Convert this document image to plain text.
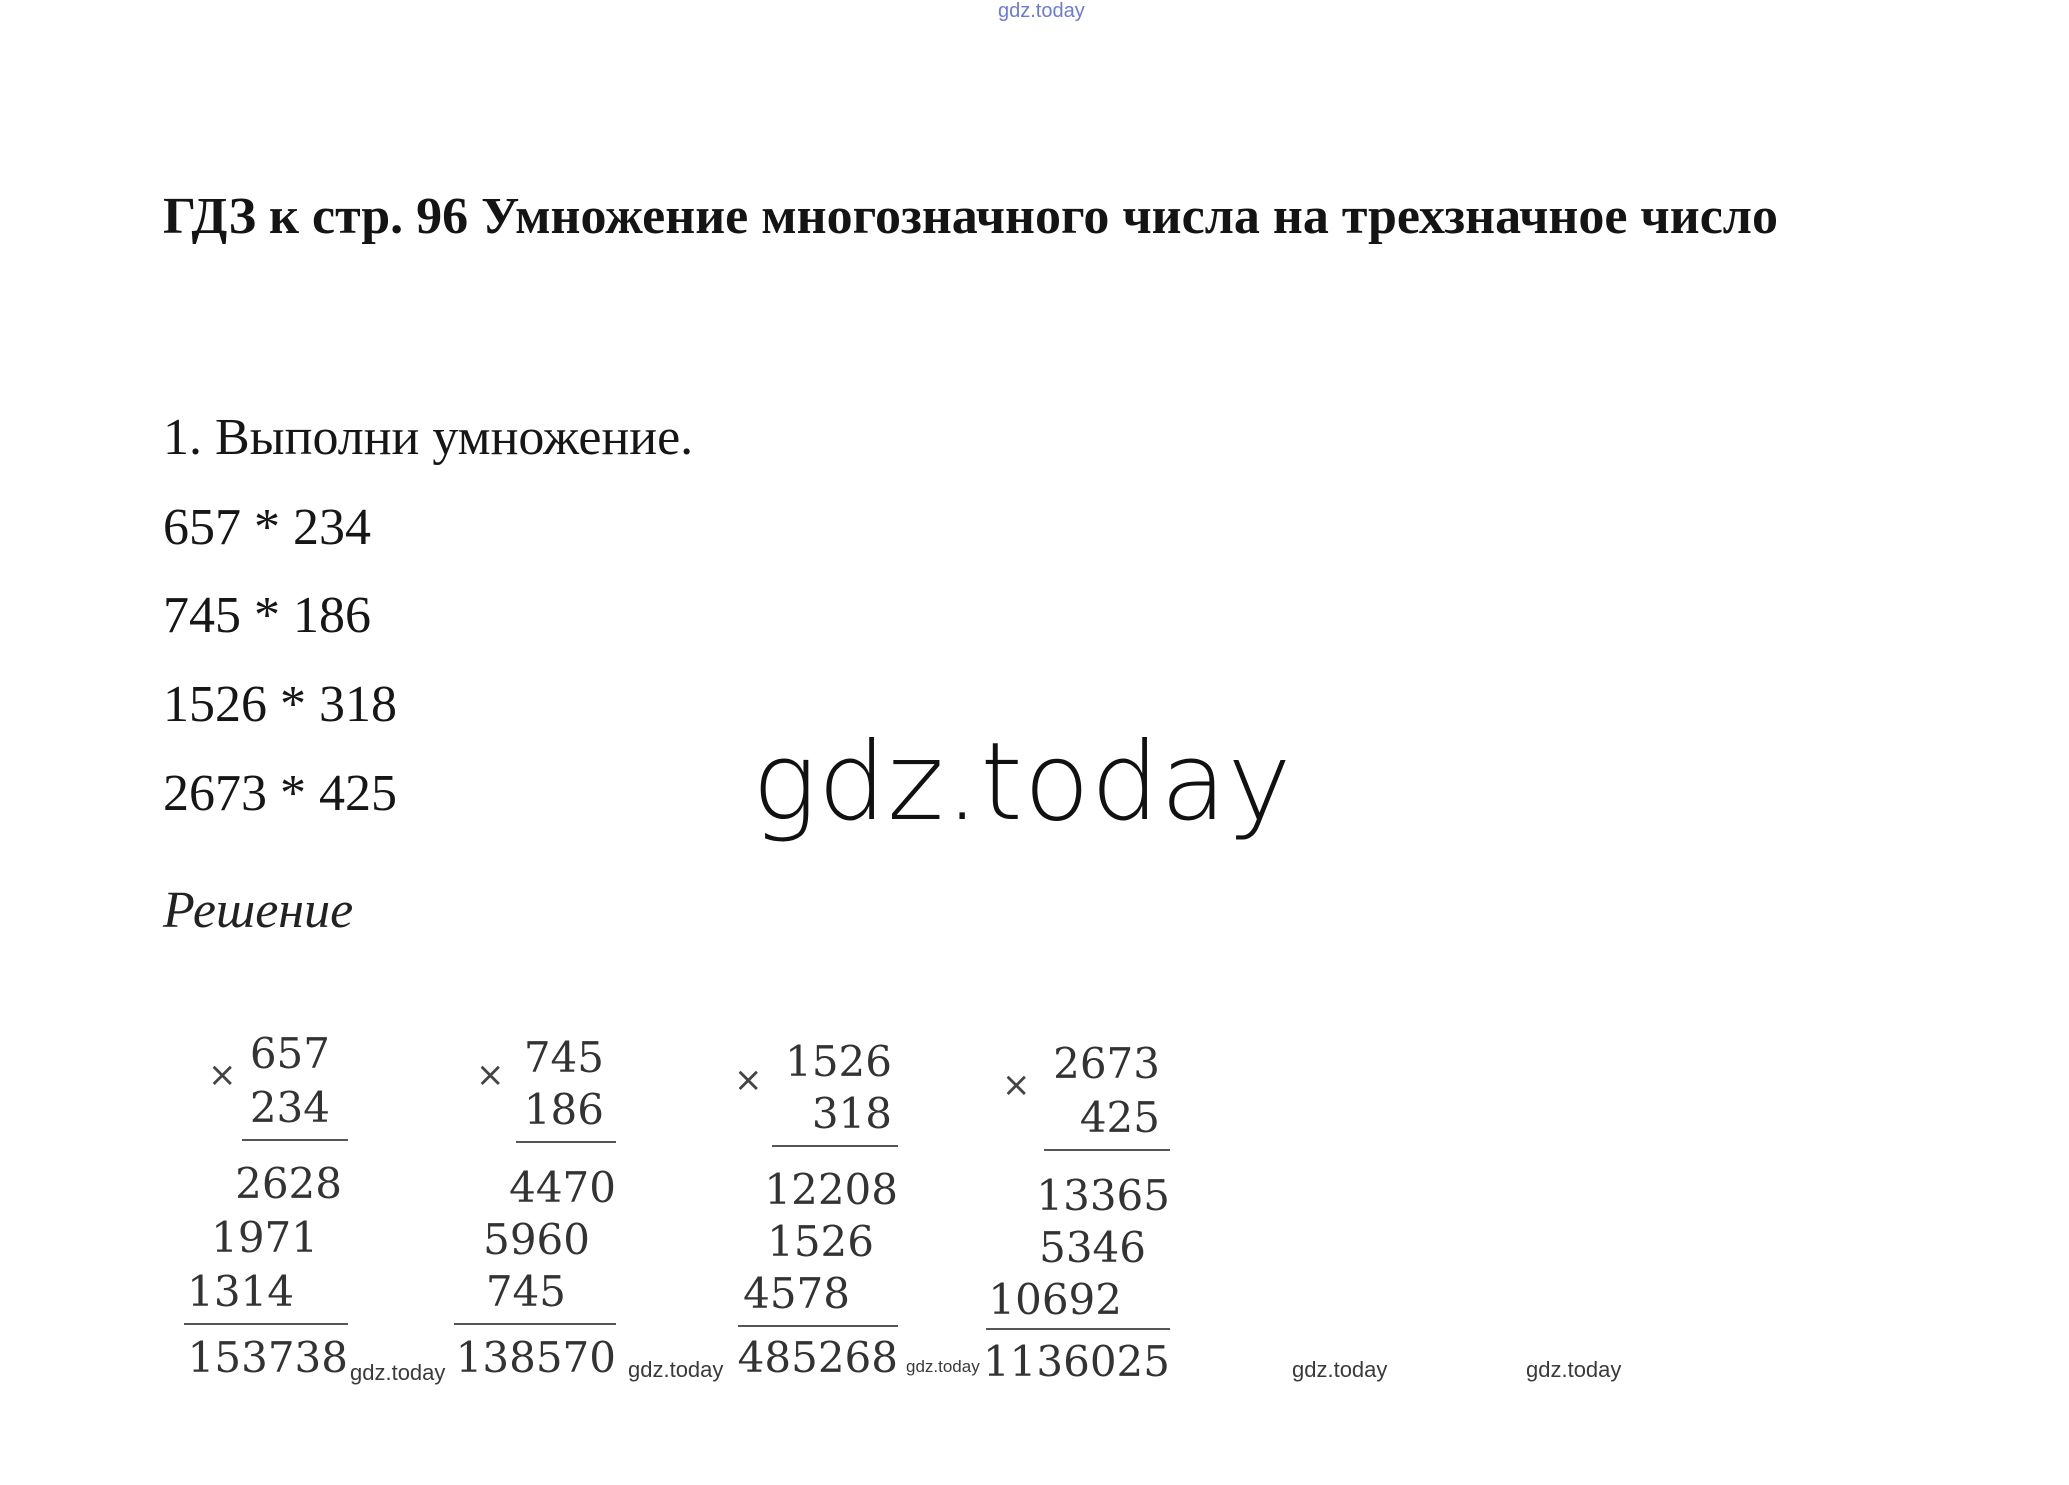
gdz.today
ГДЗ к стр. 96 Умножение многозначного числа на трехзначное число

1. Выполни умножение.

657 * 234

745 * 186

1526 * 318

2673 * 425	gdz.today

Решение

× 657
234
2628
1971
1314
153738
× 745
186
4470
5960
745
138570
× 1526
318
12208
1526
4578
485268
× 2673
425
13365
5346
10692
1136025
gdz.today	gdz.today	gdz.today	gdz.today	gdz.today
